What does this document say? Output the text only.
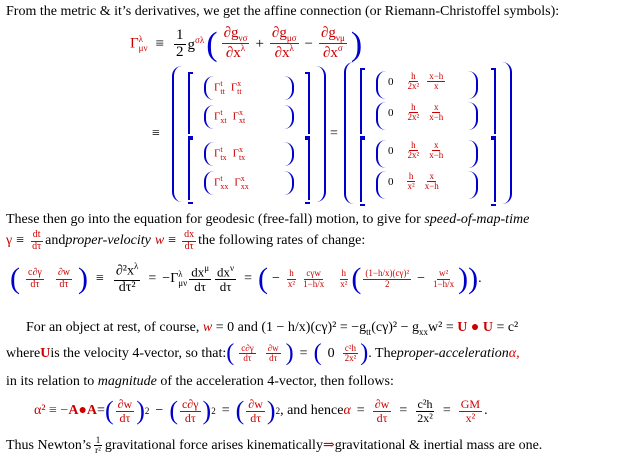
From the metric & it’s derivatives, we get the affine connection (or Riemann-Christoffel symbols):
Γ λ
$\mu\nu \equiv \frac{1}{2} g^{\sigma\lambda}$ ( $\frac{\partial g_{\nu\sigma}}{\partial x^\lambda} + \frac{\partial g_{\mu\sigma}}{\partial x^\lambda} - \frac{\partial g_{\nu\mu}}{\partial x^\sigma}$ )
≡
Γ t
tt Γ x
tt
Γ t
xt Γ x
xt
Γ t
tx Γ x
tx
Γ t
xx Γ x
xx
=
$0 \frac{h}{\text{2x²}} \frac{x-h}{x}$
$0 \frac{h}{\text{2x²}} \frac{x}{x-h}$
$0 \frac{h}{\text{2x²}} \frac{x}{x-h}$
$0 \frac{h}{\text{x²}} \frac{x}{x-h}$
These then go into the equation for geodesic (free-fall) motion, to give for speed-of-map-time
$\gamma \equiv \frac{dt}{d\tau}$ and proper-velocity $w \equiv \frac{dx}{d\tau}$ the following rates of change:
( $\frac{c\partial\gamma}{d\tau} \frac{\partial w}{d\tau}$ ) ≡ $\frac{\partial^2x^\lambda}{\text{dτ²}} = -\Gamma$ λ
μν $\frac{dx^\mu}{d\tau} \frac{dx^\nu}{d\tau}$ = ( − $\frac{h}{\text{x²}} \frac{\text{cγw}}{1-h/x} \frac{h}{\text{x²}}$ ( $\frac{\text{(1−h/x)(cγ)²}}{2} - \frac{\text{w²}}{1-h/x}$ ) ) .
For an object at rest, of course, w = 0 and $(1 - h/x)(c\gamma)^2 = -g_{tt}(c\gamma)^2 - g_{xx}w^2 = U$ ● U = c²
where U is the velocity 4-vector, so that: ( $\frac{c\partial\gamma}{d\tau} \frac{\partial w}{d\tau}$ ) = ( $0 \frac{\text{c²h}}{\text{2x²}}$ ) . The proper-acceleration α,
in its relation to magnitude of the acceleration 4-vector, then follows:
α² ≡ − A ● A = ( $\frac{\partial w}{d\tau}$ ) 2 − ( $\frac{c\partial\gamma}{d\tau}$ ) 2 = ( $\frac{\partial w}{d\tau}$ ) 2 , and hence $\alpha = \frac{\partial w}{d\tau} = \frac{\text{c²h}}{\text{2x²}} = \frac{GM}{\text{x²}}$ .
Thus Newton’s $\frac{1}{\text{r²}}$ gravitational force arises kinematically ⇒ gravitational & inertial mass are one.
